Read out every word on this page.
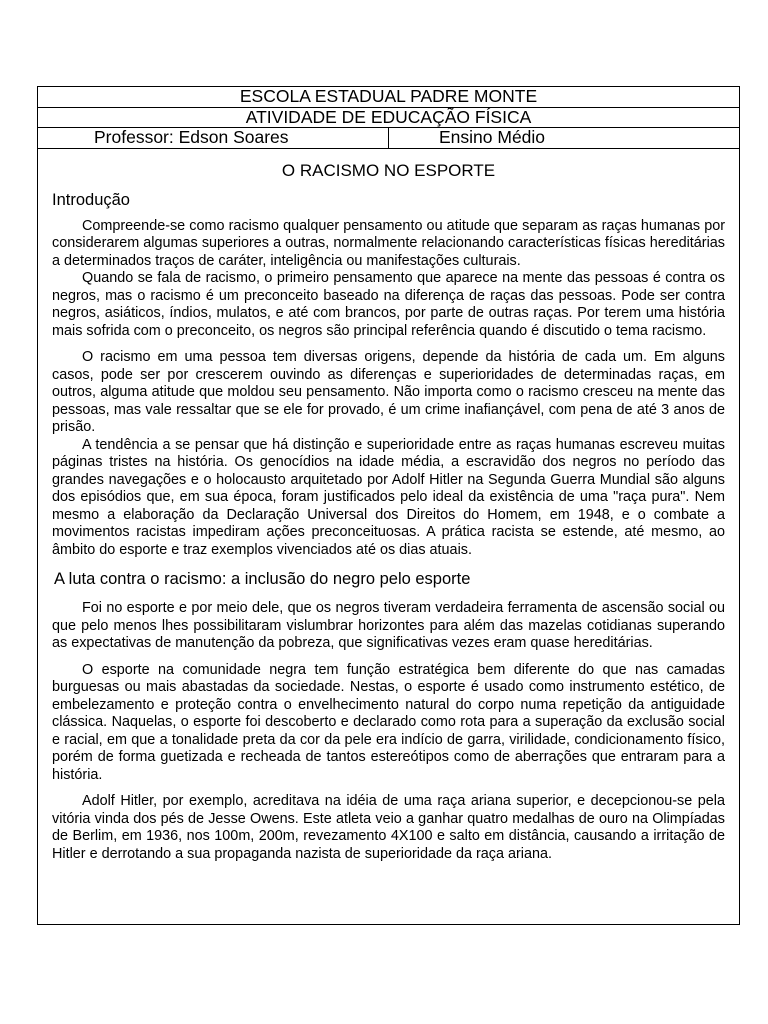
ESCOLA ESTADUAL PADRE MONTE
ATIVIDADE DE EDUCAÇÃO FÍSICA
Professor: Edson Soares	Ensino Médio
O RACISMO NO ESPORTE
Introdução

Compreende-se como racismo qualquer pensamento ou atitude que separam as raças humanas por considerarem algumas superiores a outras, normalmente relacionando características físicas hereditárias a determinados traços de caráter, inteligência ou manifestações culturais.

Quando se fala de racismo, o primeiro pensamento que aparece na mente das pessoas é contra os negros, mas o racismo é um preconceito baseado na diferença de raças das pessoas. Pode ser contra negros, asiáticos, índios, mulatos, e até com brancos, por parte de outras raças. Por terem uma história mais sofrida com o preconceito, os negros são principal referência quando é discutido o tema racismo.

O racismo em uma pessoa tem diversas origens, depende da história de cada um. Em alguns casos, pode ser por crescerem ouvindo as diferenças e superioridades de determinadas raças, em outros, alguma atitude que moldou seu pensamento. Não importa como o racismo cresceu na mente das pessoas, mas vale ressaltar que se ele for provado, é um crime inafiançável, com pena de até 3 anos de prisão.

A tendência a se pensar que há distinção e superioridade entre as raças humanas escreveu muitas páginas tristes na história. Os genocídios na idade média, a escravidão dos negros no período das grandes navegações e o holocausto arquitetado por Adolf Hitler na Segunda Guerra Mundial são alguns dos episódios que, em sua época, foram justificados pelo ideal da existência de uma "raça pura". Nem mesmo a elaboração da Declaração Universal dos Direitos do Homem, em 1948, e o combate a movimentos racistas impediram ações preconceituosas. A prática racista se estende, até mesmo, ao âmbito do esporte e traz exemplos vivenciados até os dias atuais.

A luta contra o racismo: a inclusão do negro pelo esporte

Foi no esporte e por meio dele, que os negros tiveram verdadeira ferramenta de ascensão social ou que pelo menos lhes possibilitaram vislumbrar horizontes para além das mazelas cotidianas superando as expectativas de manutenção da pobreza, que significativas vezes eram quase hereditárias.

O esporte na comunidade negra tem função estratégica bem diferente do que nas camadas burguesas ou mais abastadas da sociedade. Nestas, o esporte é usado como instrumento estético, de embelezamento e proteção contra o envelhecimento natural do corpo numa repetição da antiguidade clássica. Naquelas, o esporte foi descoberto e declarado como rota para a superação da exclusão social e racial, em que a tonalidade preta da cor da pele era indício de garra, virilidade, condicionamento físico, porém de forma guetizada e recheada de tantos estereótipos como de aberrações que entraram para a história.

Adolf Hitler, por exemplo, acreditava na idéia de uma raça ariana superior, e decepcionou-se pela vitória vinda dos pés de Jesse Owens. Este atleta veio a ganhar quatro medalhas de ouro na Olimpíadas de Berlim, em 1936, nos 100m, 200m, revezamento 4X100 e salto em distância, causando a irritação de Hitler e derrotando a sua propaganda nazista de superioridade da raça ariana.
